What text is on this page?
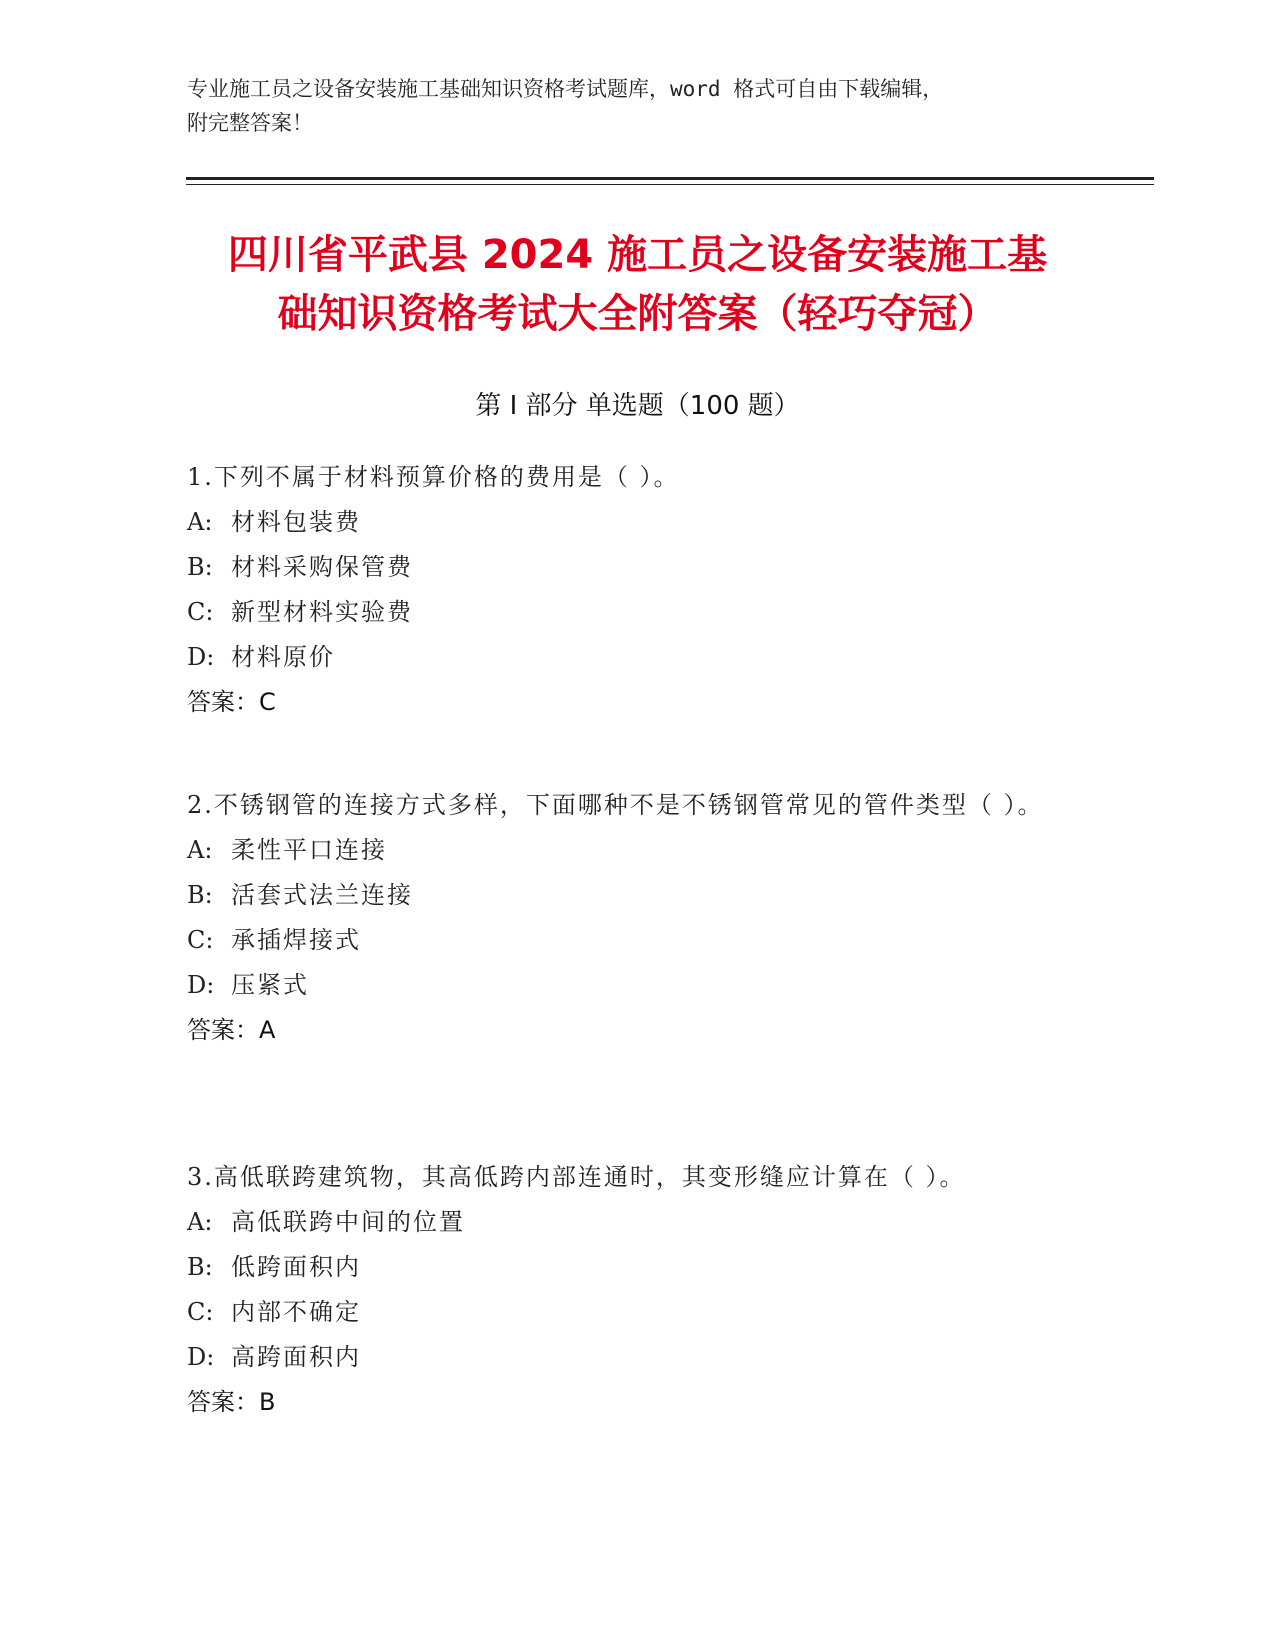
专业施工员之设备安装施工基础知识资格考试题库，word 格式可自由下载编辑，
附完整答案！
四川省平武县 2024 施工员之设备安装施工基
础知识资格考试大全附答案（轻巧夺冠）
第 I 部分 单选题（100 题）
1.下列不属于材料预算价格的费用是（ ）。
A: 材料包装费
B: 材料采购保管费
C: 新型材料实验费
D: 材料原价
答案：C
2.不锈钢管的连接方式多样，下面哪种不是不锈钢管常见的管件类型（ ）。
A: 柔性平口连接
B: 活套式法兰连接
C: 承插焊接式
D: 压紧式
答案：A
3.高低联跨建筑物，其高低跨内部连通时，其变形缝应计算在（ ）。
A: 高低联跨中间的位置
B: 低跨面积内
C: 内部不确定
D: 高跨面积内
答案：B
